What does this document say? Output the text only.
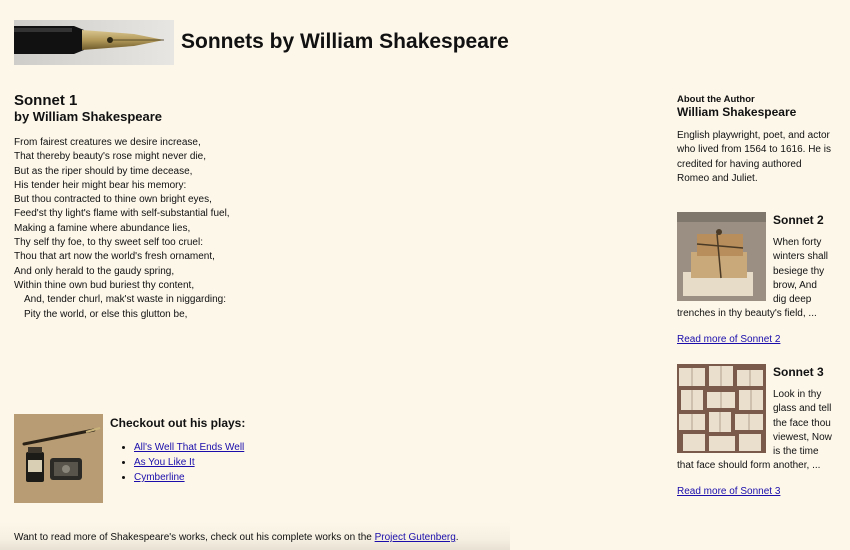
Sonnets by William Shakespeare
Sonnet 1

by William Shakespeare

From fairest creatures we desire increase,
That thereby beauty's rose might never die,
But as the riper should by time decease,
His tender heir might bear his memory:
But thou contracted to thine own bright eyes,
Feed'st thy light's flame with self-substantial fuel,
Making a famine where abundance lies,
Thy self thy foe, to thy sweet self too cruel:
Thou that art now the world's fresh ornament,
And only herald to the gaudy spring,
Within thine own bud buriest thy content,
And, tender churl, mak'st waste in niggarding:
Pity the world, or else this glutton be,
Checkout out his plays:
• All's Well That Ends Well
• As You Like It
• Cymberline

Want to read more of Shakespeare's works, check out his complete works on the Project Gutenberg.

About the Author

William Shakespeare

English playwright, poet, and actor who lived from 1564 to 1616. He is credited for having authored Romeo and Juliet.

Sonnet 2

When forty winters shall besiege thy brow, And dig deep trenches in thy beauty's field, ...

Read more of Sonnet 2
Sonnet 3

Look in thy glass and tell the face thou viewest, Now is the time that face should form another, ...

Read more of Sonnet 3
